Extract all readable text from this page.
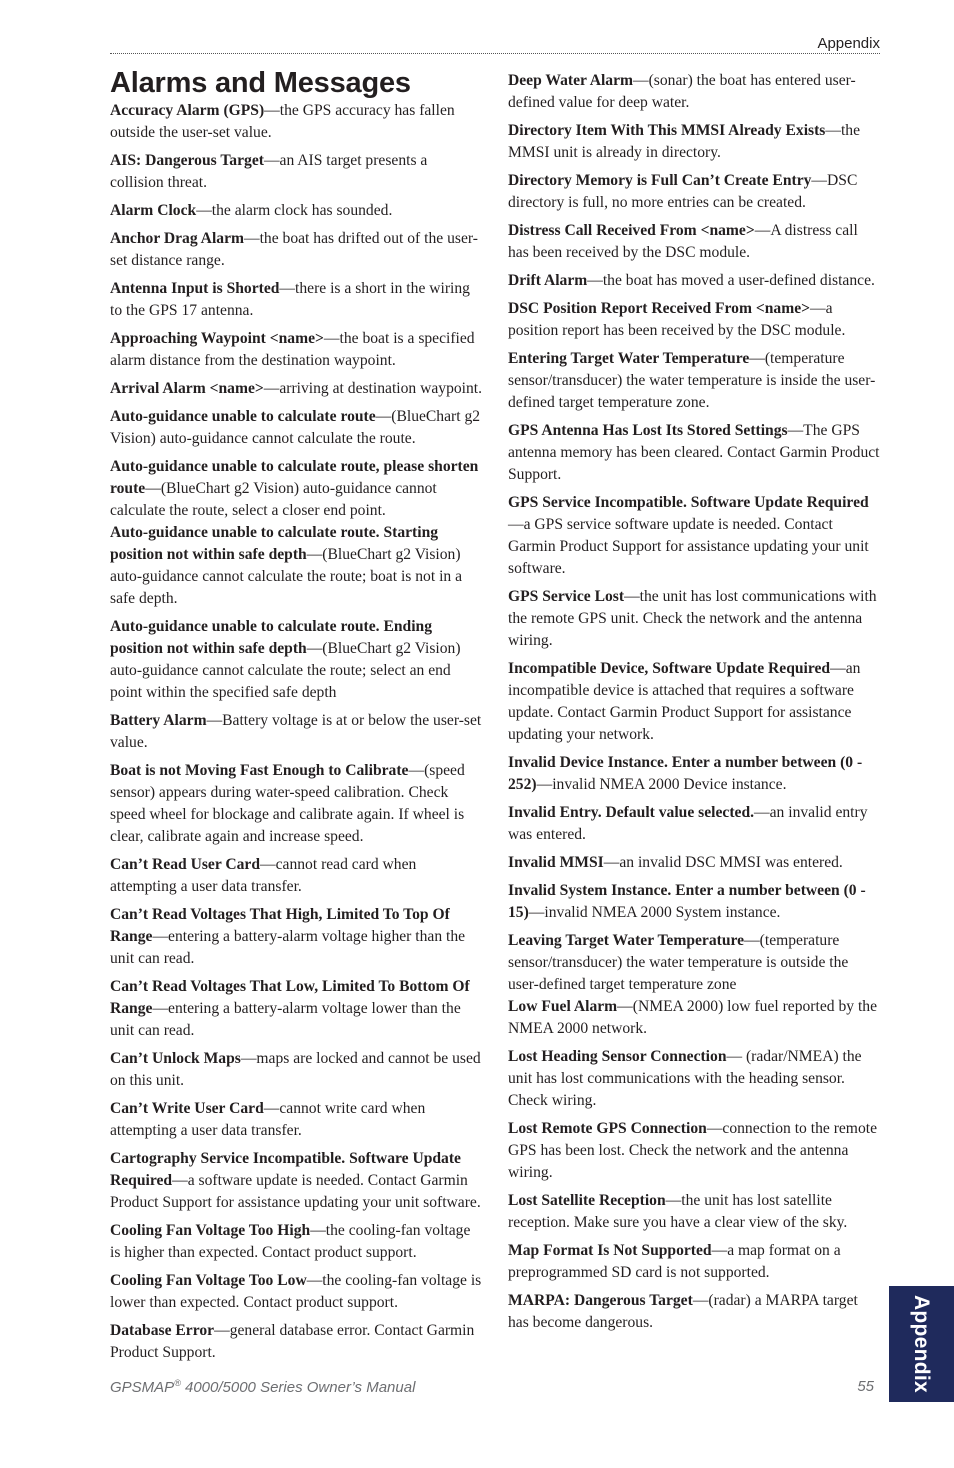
Appendix
Alarms and Messages

Accuracy Alarm (GPS)—the GPS accuracy has fallen outside the user-set value.

AIS: Dangerous Target—an AIS target presents a collision threat.

Alarm Clock—the alarm clock has sounded.

Anchor Drag Alarm—the boat has drifted out of the user-set distance range.

Antenna Input is Shorted—there is a short in the wiring to the GPS 17 antenna.

Approaching Waypoint <name>—the boat is a specified alarm distance from the destination waypoint.

Arrival Alarm <name>—arriving at destination waypoint.

Auto-guidance unable to calculate route—(BlueChart g2 Vision) auto-guidance cannot calculate the route.

Auto-guidance unable to calculate route, please shorten route—(BlueChart g2 Vision) auto-guidance cannot calculate the route, select a closer end point.

Auto-guidance unable to calculate route. Starting position not within safe depth—(BlueChart g2 Vision) auto-guidance cannot calculate the route; boat is not in a safe depth.

Auto-guidance unable to calculate route. Ending position not within safe depth—(BlueChart g2 Vision) auto-guidance cannot calculate the route; select an end point within the specified safe depth

Battery Alarm—Battery voltage is at or below the user-set value.

Boat is not Moving Fast Enough to Calibrate—(speed sensor) appears during water-speed calibration. Check speed wheel for blockage and calibrate again. If wheel is clear, calibrate again and increase speed.

Can’t Read User Card—cannot read card when attempting a user data transfer.

Can’t Read Voltages That High, Limited To Top Of Range—entering a battery-alarm voltage higher than the unit can read.

Can’t Read Voltages That Low, Limited To Bottom Of Range—entering a battery-alarm voltage lower than the unit can read.

Can’t Unlock Maps—maps are locked and cannot be used on this unit.

Can’t Write User Card—cannot write card when attempting a user data transfer.

Cartography Service Incompatible. Software Update Required—a software update is needed. Contact Garmin Product Support for assistance updating your unit software.

Cooling Fan Voltage Too High—the cooling-fan voltage is higher than expected. Contact product support.

Cooling Fan Voltage Too Low—the cooling-fan voltage is lower than expected. Contact product support.

Database Error—general database error. Contact Garmin Product Support.

Deep Water Alarm—(sonar) the boat has entered user-defined value for deep water.

Directory Item With This MMSI Already Exists—the MMSI unit is already in directory.

Directory Memory is Full Can’t Create Entry—DSC directory is full, no more entries can be created.

Distress Call Received From <name>—A distress call has been received by the DSC module.

Drift Alarm—the boat has moved a user-defined distance.

DSC Position Report Received From <name>—a position report has been received by the DSC module.

Entering Target Water Temperature—(temperature sensor/transducer) the water temperature is inside the user-defined target temperature zone.

GPS Antenna Has Lost Its Stored Settings—The GPS antenna memory has been cleared. Contact Garmin Product Support.

GPS Service Incompatible. Software Update Required—a GPS service software update is needed. Contact Garmin Product Support for assistance updating your unit software.

GPS Service Lost—the unit has lost communications with the remote GPS unit. Check the network and the antenna wiring.

Incompatible Device, Software Update Required—an incompatible device is attached that requires a software update. Contact Garmin Product Support for assistance updating your network.

Invalid Device Instance. Enter a number between (0 - 252)—invalid NMEA 2000 Device instance.

Invalid Entry. Default value selected.—an invalid entry was entered.

Invalid MMSI—an invalid DSC MMSI was entered.

Invalid System Instance. Enter a number between (0 - 15)—invalid NMEA 2000 System instance.

Leaving Target Water Temperature—(temperature sensor/transducer) the water temperature is outside the user-defined target temperature zone

Low Fuel Alarm—(NMEA 2000) low fuel reported by the NMEA 2000 network.

Lost Heading Sensor Connection— (radar/NMEA) the unit has lost communications with the heading sensor. Check wiring.

Lost Remote GPS Connection—connection to the remote GPS has been lost. Check the network and the antenna wiring.

Lost Satellite Reception—the unit has lost satellite reception. Make sure you have a clear view of the sky.

Map Format Is Not Supported—a map format on a preprogrammed SD card is not supported.

MARPA: Dangerous Target—(radar) a MARPA target has become dangerous.

GPSMAP® 4000/5000 Series Owner’s Manual	55 Appendix
